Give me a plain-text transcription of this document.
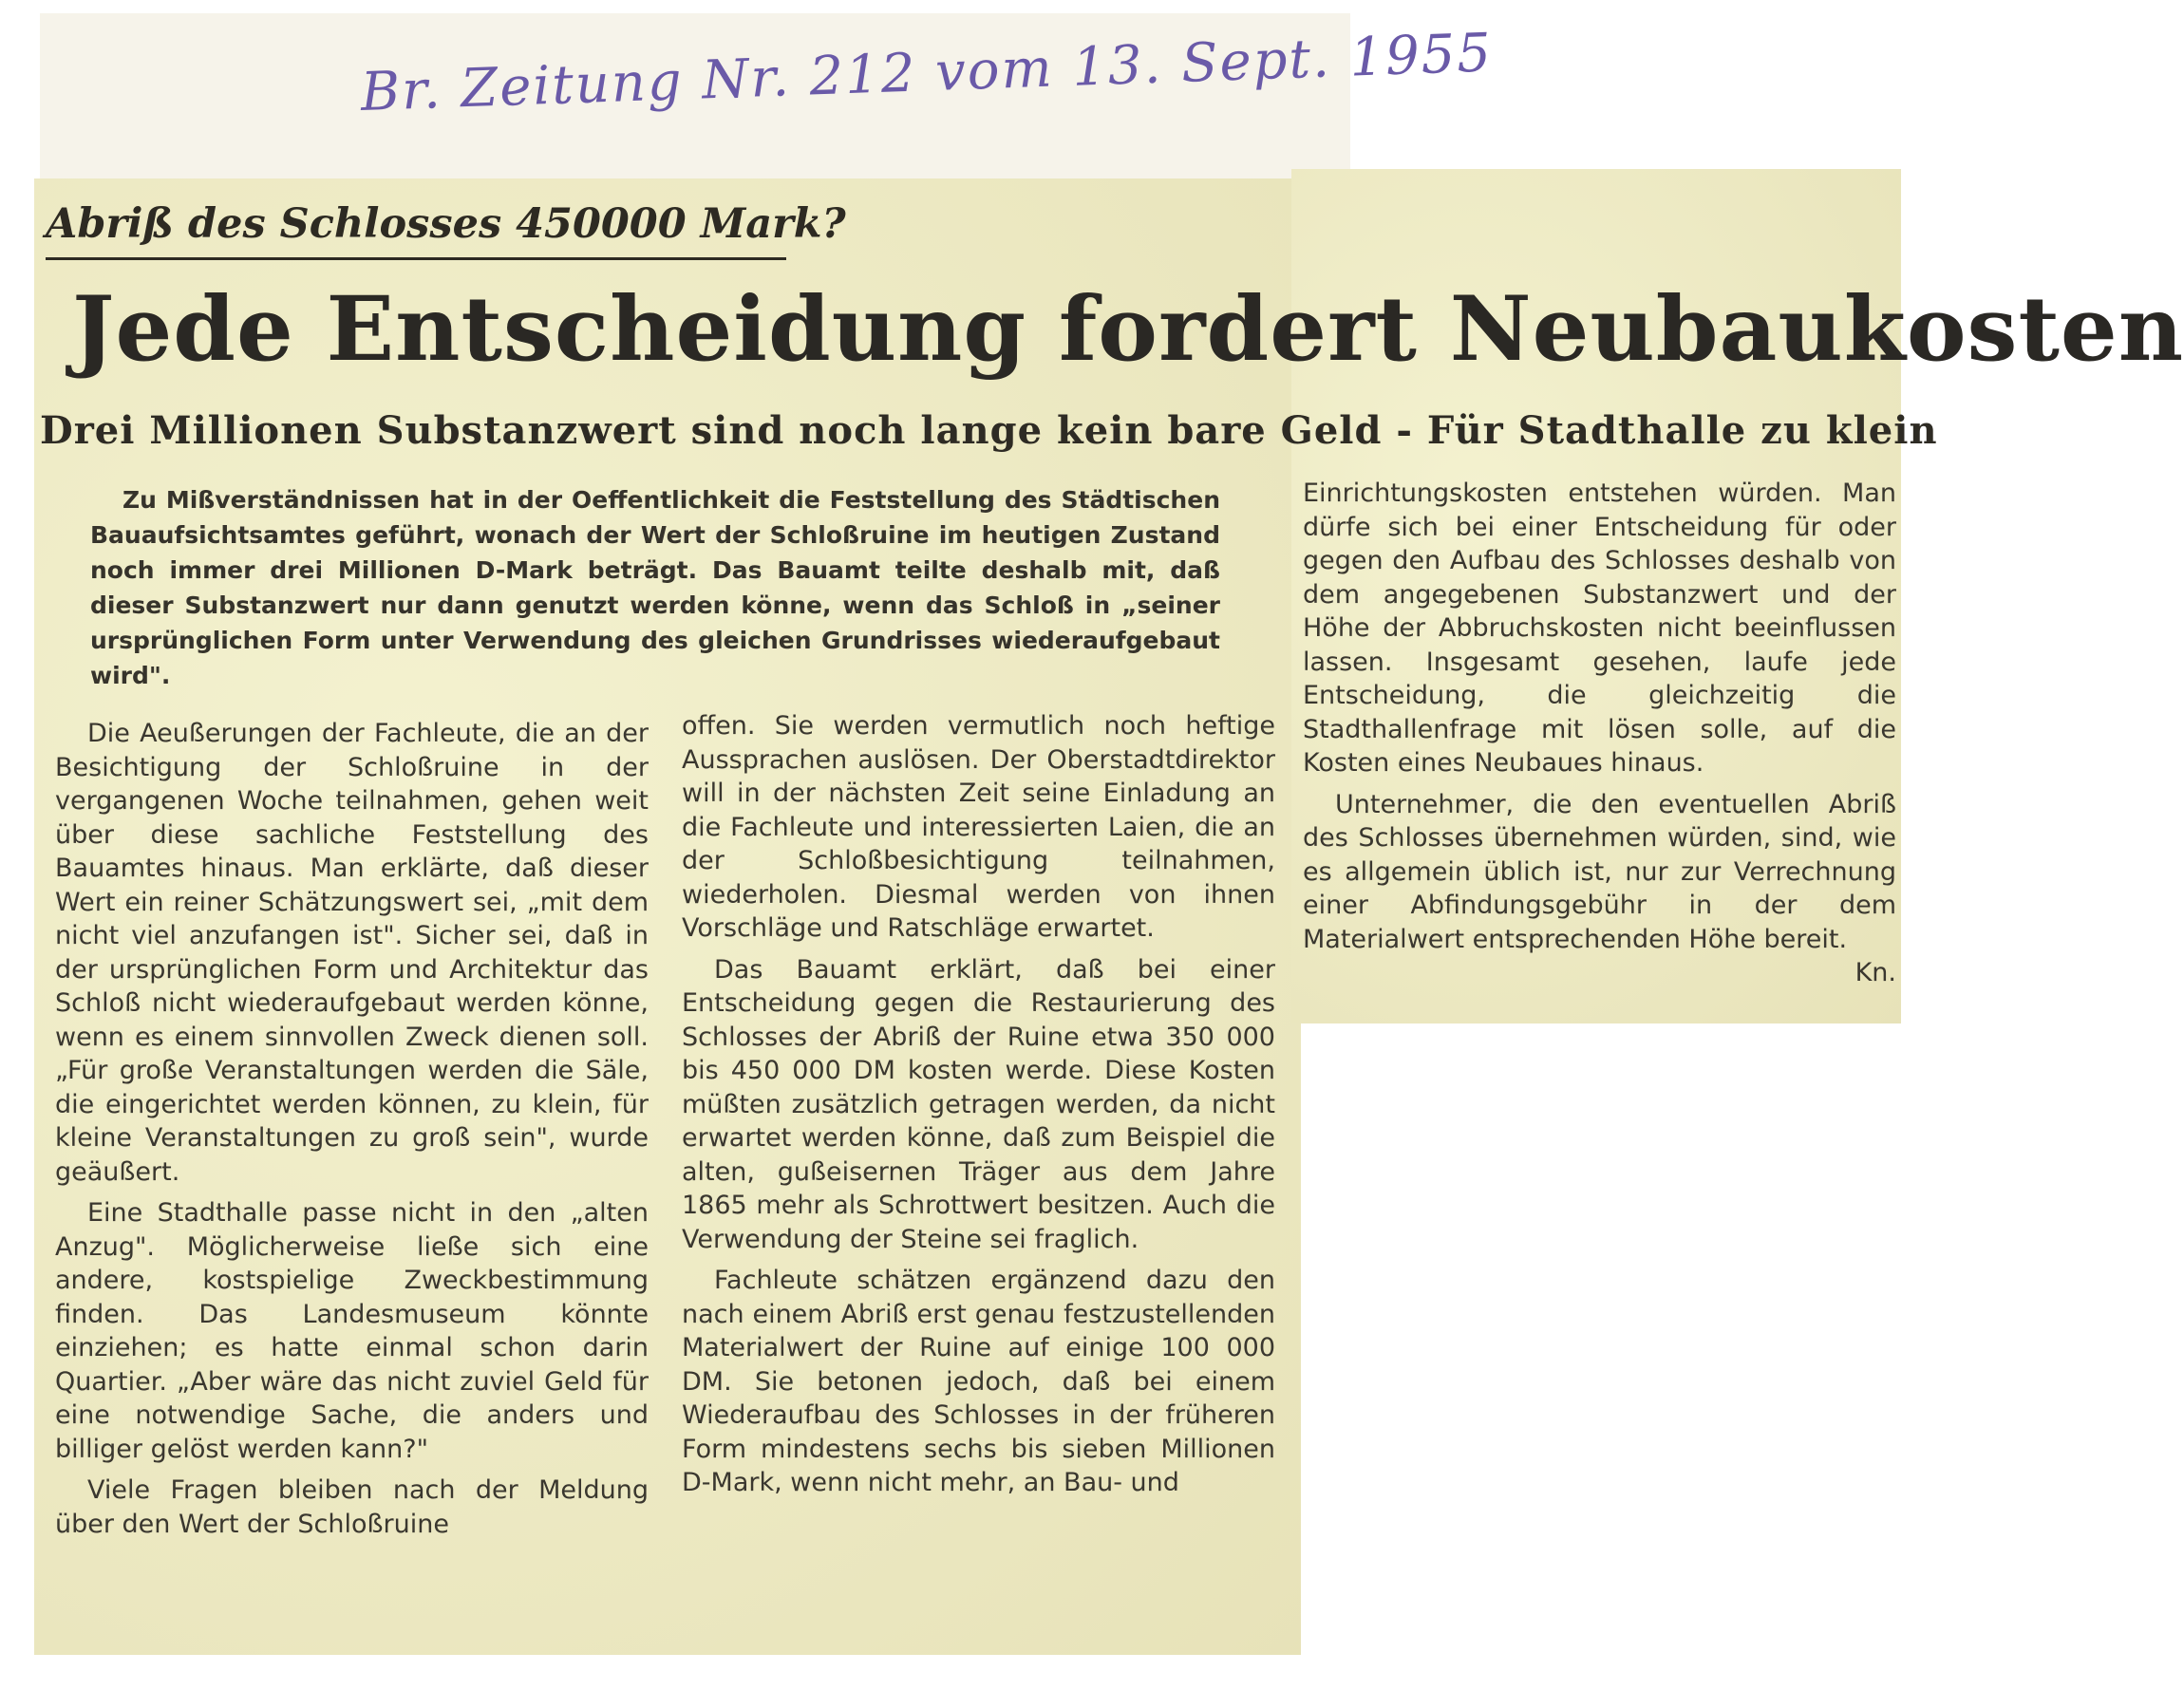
Br. Zeitung Nr. 212 vom 13. Sept. 1955

Abriß des Schlosses 450000 Mark?
Jede Entscheidung fordert Neubaukosten
Drei Millionen Substanzwert sind noch lange kein bare Geld - Für Stadthalle zu klein

Zu Mißverständnissen hat in der Oeffentlichkeit die Feststellung des Städtischen Bauaufsichtsamtes geführt, wonach der Wert der Schloßruine im heutigen Zustand noch immer drei Millionen D-Mark beträgt. Das Bauamt teilte deshalb mit, daß dieser Substanzwert nur dann genutzt werden könne, wenn das Schloß in „seiner ursprünglichen Form unter Verwendung des gleichen Grundrisses wiederaufgebaut wird".

Die Aeußerungen der Fachleute, die an der Besichtigung der Schloßruine in der vergangenen Woche teilnahmen, gehen weit über diese sachliche Feststellung des Bauamtes hinaus. Man erklärte, daß dieser Wert ein reiner Schätzungswert sei, „mit dem nicht viel anzufangen ist". Sicher sei, daß in der ursprünglichen Form und Architektur das Schloß nicht wiederaufgebaut werden könne, wenn es einem sinnvollen Zweck dienen soll. „Für große Veranstaltungen werden die Säle, die eingerichtet werden können, zu klein, für kleine Veranstaltungen zu groß sein", wurde geäußert.

Eine Stadthalle passe nicht in den „alten Anzug". Möglicherweise ließe sich eine andere, kostspielige Zweckbestimmung finden. Das Landesmuseum könnte einziehen; es hatte einmal schon darin Quartier. „Aber wäre das nicht zuviel Geld für eine notwendige Sache, die anders und billiger gelöst werden kann?"

Viele Fragen bleiben nach der Meldung über den Wert der Schloßruine

offen. Sie werden vermutlich noch heftige Aussprachen auslösen. Der Oberstadtdirektor will in der nächsten Zeit seine Einladung an die Fachleute und interessierten Laien, die an der Schloßbesichtigung teilnahmen, wiederholen. Diesmal werden von ihnen Vorschläge und Ratschläge erwartet.

Das Bauamt erklärt, daß bei einer Entscheidung gegen die Restaurierung des Schlosses der Abriß der Ruine etwa 350 000 bis 450 000 DM kosten werde. Diese Kosten müßten zusätzlich getragen werden, da nicht erwartet werden könne, daß zum Beispiel die alten, gußeisernen Träger aus dem Jahre 1865 mehr als Schrottwert besitzen. Auch die Verwendung der Steine sei fraglich.

Fachleute schätzen ergänzend dazu den nach einem Abriß erst genau festzustellenden Materialwert der Ruine auf einige 100 000 DM. Sie betonen jedoch, daß bei einem Wiederaufbau des Schlosses in der früheren Form mindestens sechs bis sieben Millionen D-Mark, wenn nicht mehr, an Bau- und

Einrichtungskosten entstehen würden. Man dürfe sich bei einer Entscheidung für oder gegen den Aufbau des Schlosses deshalb von dem angegebenen Substanzwert und der Höhe der Abbruchskosten nicht beeinflussen lassen. Insgesamt gesehen, laufe jede Entscheidung, die gleichzeitig die Stadthallenfrage mit lösen solle, auf die Kosten eines Neubaues hinaus.

Unternehmer, die den eventuellen Abriß des Schlosses übernehmen würden, sind, wie es allgemein üblich ist, nur zur Verrechnung einer Abfindungsgebühr in der dem Materialwert entsprechenden Höhe bereit.
Kn.
